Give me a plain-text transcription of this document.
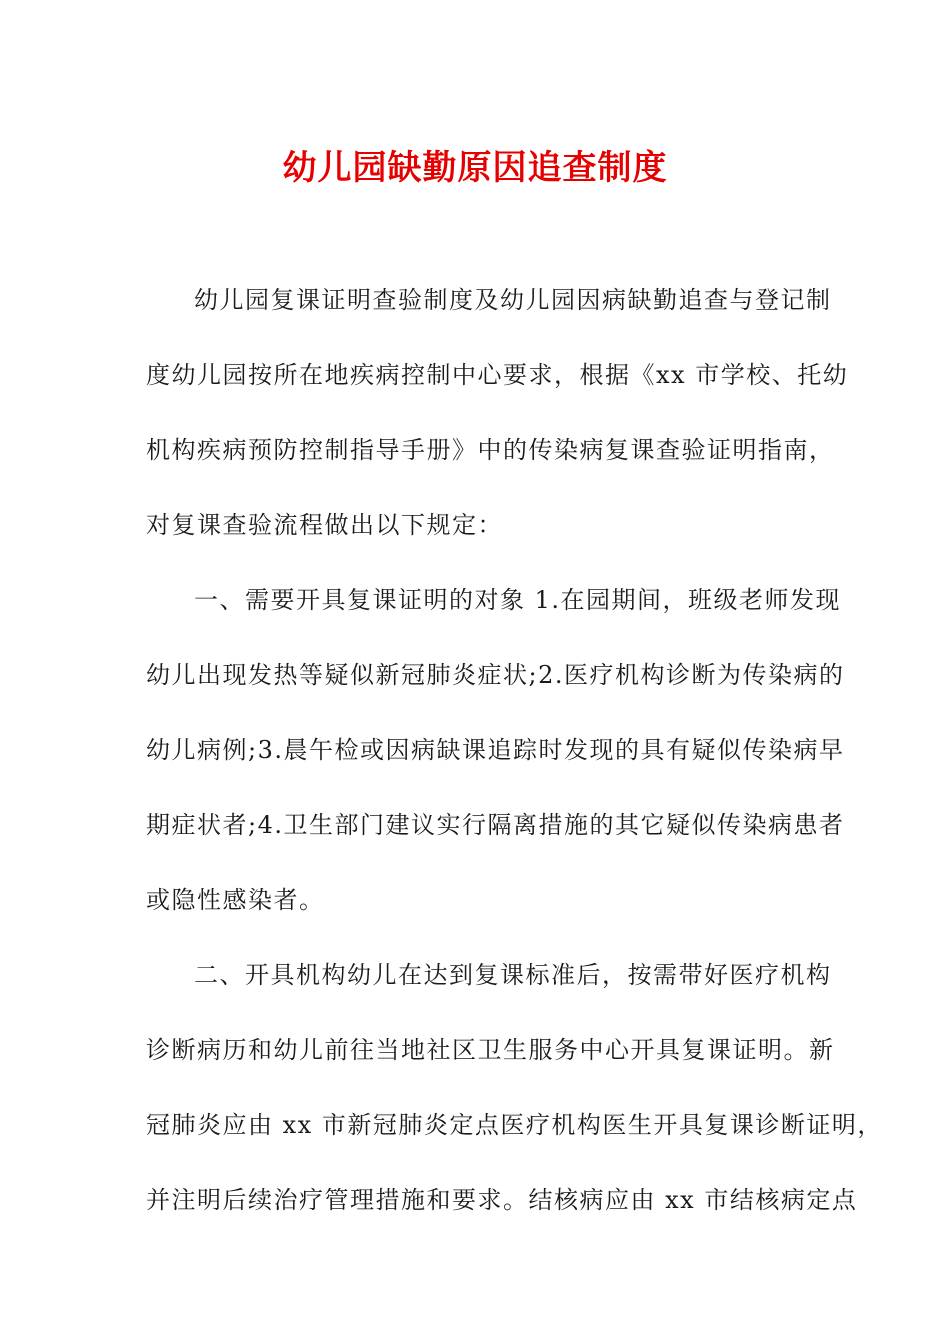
幼儿园缺勤原因追查制度
幼儿园复课证明查验制度及幼儿园因病缺勤追查与登记制
度幼儿园按所在地疾病控制中心要求，根据《xx 市学校、托幼
机构疾病预防控制指导手册》中的传染病复课查验证明指南，
对复课查验流程做出以下规定：
一、需要开具复课证明的对象 1.在园期间，班级老师发现
幼儿出现发热等疑似新冠肺炎症状;2.医疗机构诊断为传染病的
幼儿病例;3.晨午检或因病缺课追踪时发现的具有疑似传染病早
期症状者;4.卫生部门建议实行隔离措施的其它疑似传染病患者
或隐性感染者。
二、开具机构幼儿在达到复课标准后，按需带好医疗机构
诊断病历和幼儿前往当地社区卫生服务中心开具复课证明。新
冠肺炎应由 xx 市新冠肺炎定点医疗机构医生开具复课诊断证明，
并注明后续治疗管理措施和要求。结核病应由 xx 市结核病定点
